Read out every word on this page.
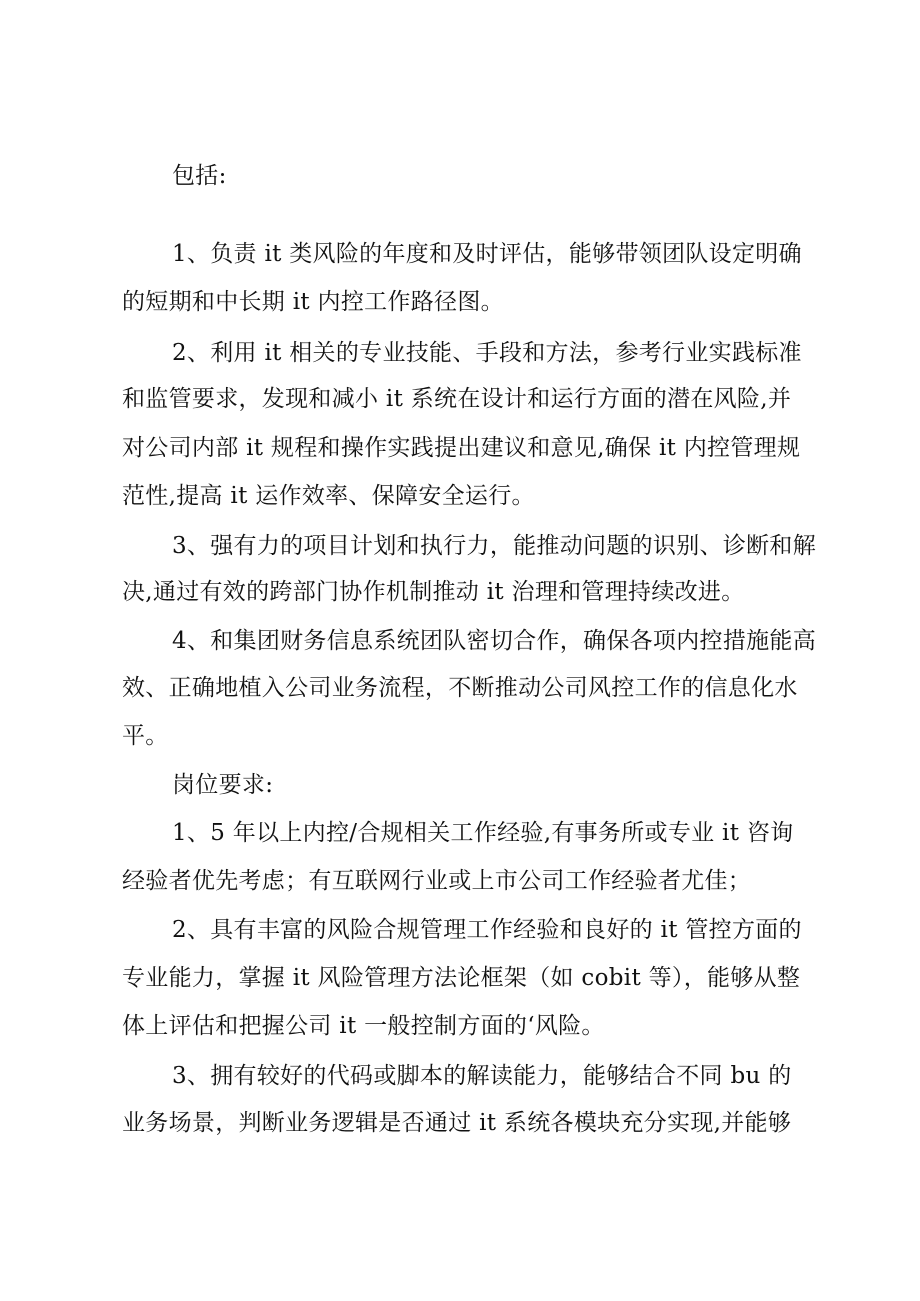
包括:
1、负责 it 类风险的年度和及时评估，能够带领团队设定明确
的短期和中长期 it 内控工作路径图。
2、利用 it 相关的专业技能、手段和方法，参考行业实践标准
和监管要求，发现和减小 it 系统在设计和运行方面的潜在风险,并
对公司内部 it 规程和操作实践提出建议和意见,确保 it 内控管理规
范性,提高 it 运作效率、保障安全运行。
3、强有力的项目计划和执行力，能推动问题的识别、诊断和解
决,通过有效的跨部门协作机制推动 it 治理和管理持续改进。
4、和集团财务信息系统团队密切合作，确保各项内控措施能高
效、正确地植入公司业务流程，不断推动公司风控工作的信息化水
平。
岗位要求:
1、5 年以上内控/合规相关工作经验,有事务所或专业 it 咨询
经验者优先考虑；有互联网行业或上市公司工作经验者尤佳；
2、具有丰富的风险合规管理工作经验和良好的 it 管控方面的
专业能力，掌握 it 风险管理方法论框架（如 cobit 等），能够从整
体上评估和把握公司 it 一般控制方面的‘风险。
3、拥有较好的代码或脚本的解读能力，能够结合不同 bu 的
业务场景，判断业务逻辑是否通过 it 系统各模块充分实现,并能够
